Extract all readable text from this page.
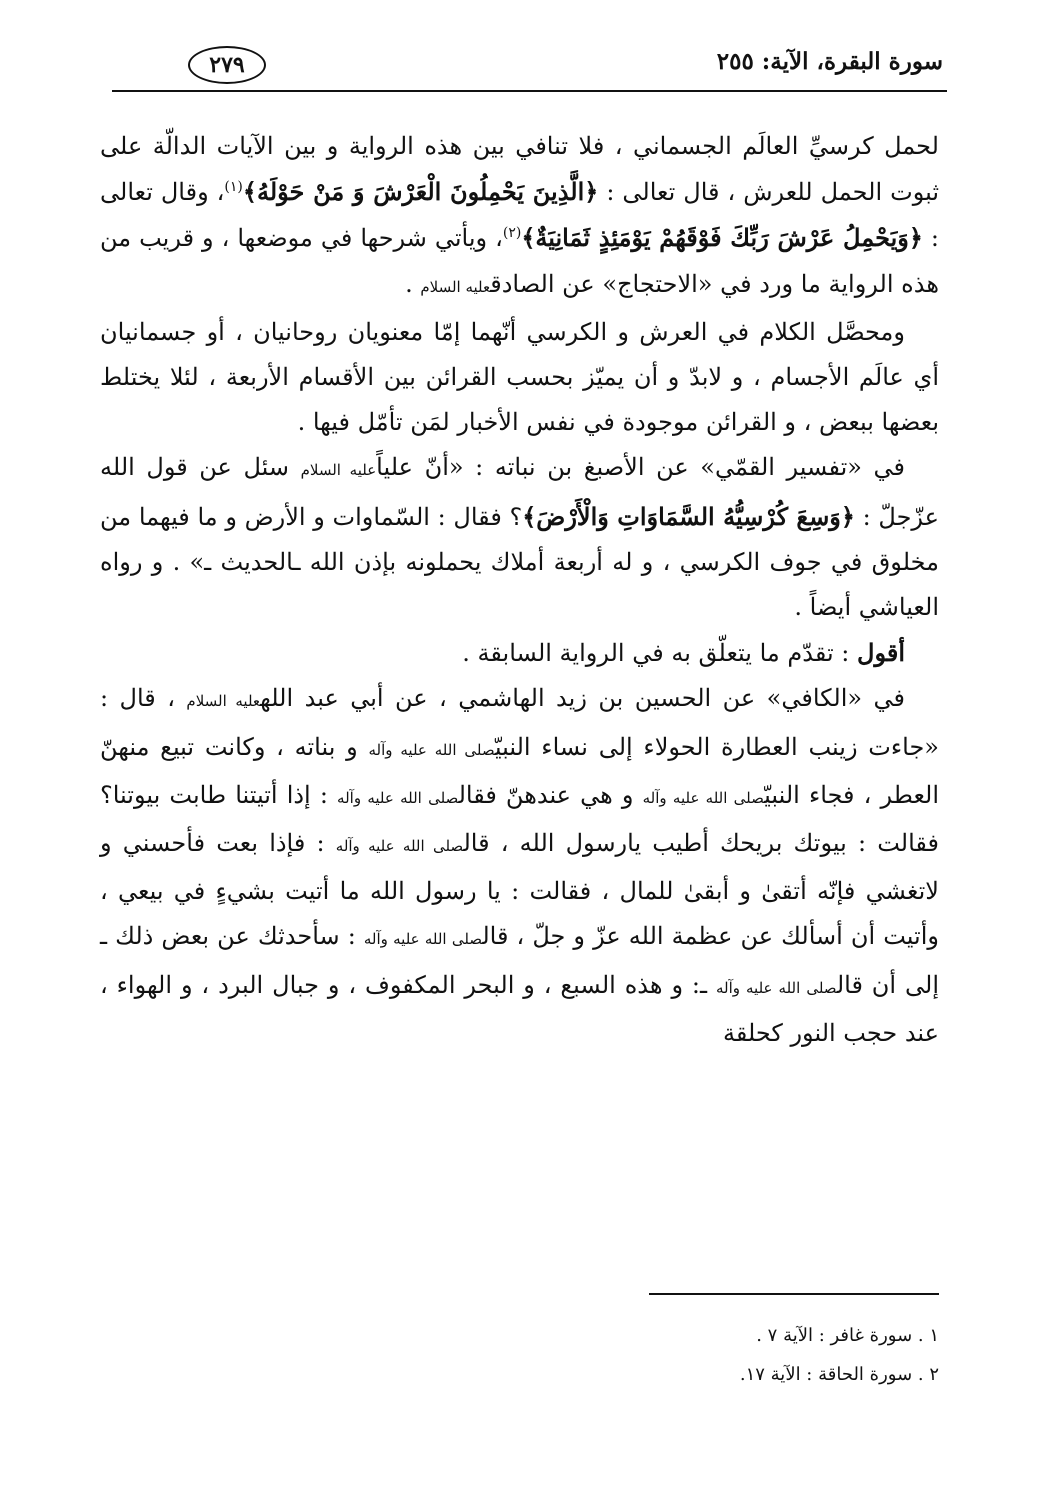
سورة البقرة، الآية: ٢٥٥
٢٧٩

لحمل كرسيِّ العالَم الجسماني ، فلا تنافي بين هذه الرواية و بين الآيات الدالّة على ثبوت الحمل للعرش ، قال تعالى : ﴿الَّذِينَ يَحْمِلُونَ الْعَرْشَ وَ مَنْ حَوْلَهُ﴾$^{(١)}$، وقال تعالى : ﴿وَيَحْمِلُ عَرْشَ رَبِّكَ فَوْقَهُمْ يَوْمَئِذٍ ثَمَانِيَةٌ﴾$^{(٢)}$، ويأتي شرحها في موضعها ، و قريب من هذه الرواية ما ورد في «الاحتجاج» عن الصادقعليه السلام .

ومحصَّل الكلام في العرش و الكرسي أنّهما إمّا معنويان روحانيان ، أو جسمانيان أي عالَم الأجسام ، و لابدّ و أن يميّز بحسب القرائن بين الأقسام الأربعة ، لئلا يختلط بعضها ببعض ، و القرائن موجودة في نفس الأخبار لمَن تأمّل فيها .

في «تفسير القمّي» عن الأصبغ بن نباته : «أنّ علياًعليه السلام سئل عن قول الله عزّجلّ : ﴿وَسِعَ كُرْسِيُّهُ السَّمَاوَاتِ وَالْأَرْضَ﴾؟ فقال : السّماوات و الأرض و ما فيهما من مخلوق في جوف الكرسي ، و له أربعة أملاك يحملونه بإذن الله ـالحديث ـ» . و رواه العياشي أيضاً .

أقول : تقدّم ما يتعلّق به في الرواية السابقة .

في «الكافي» عن الحسين بن زيد الهاشمي ، عن أبي عبد اللهعليه السلام ، قال : «جاءت زينب العطارة الحولاء إلى نساء النبيّصلى الله عليه وآله و بناته ، وكانت تبيع منهنّ العطر ، فجاء النبيّصلى الله عليه وآله و هي عندهنّ فقالصلى الله عليه وآله : إذا أتيتنا طابت بيوتنا؟ فقالت : بيوتك بريحك أطيب يارسول الله ، قالصلى الله عليه وآله : فإذا بعت فأحسني و لاتغشي فإنّه أتقىٰ و أبقىٰ للمال ، فقالت : يا رسول الله ما أتيت بشيءٍ في بيعي ، وأتيت أن أسألك عن عظمة الله عزّ و جلّ ، قالصلى الله عليه وآله : سأحدثك عن بعض ذلك ـ إلى أن قالصلى الله عليه وآله ـ: و هذه السبع ، و البحر المكفوف ، و جبال البرد ، و الهواء ، عند حجب النور كحلقة

١ . سورة غافر : الآية ٧ .
٢ . سورة الحاقة : الآية ١٧.
